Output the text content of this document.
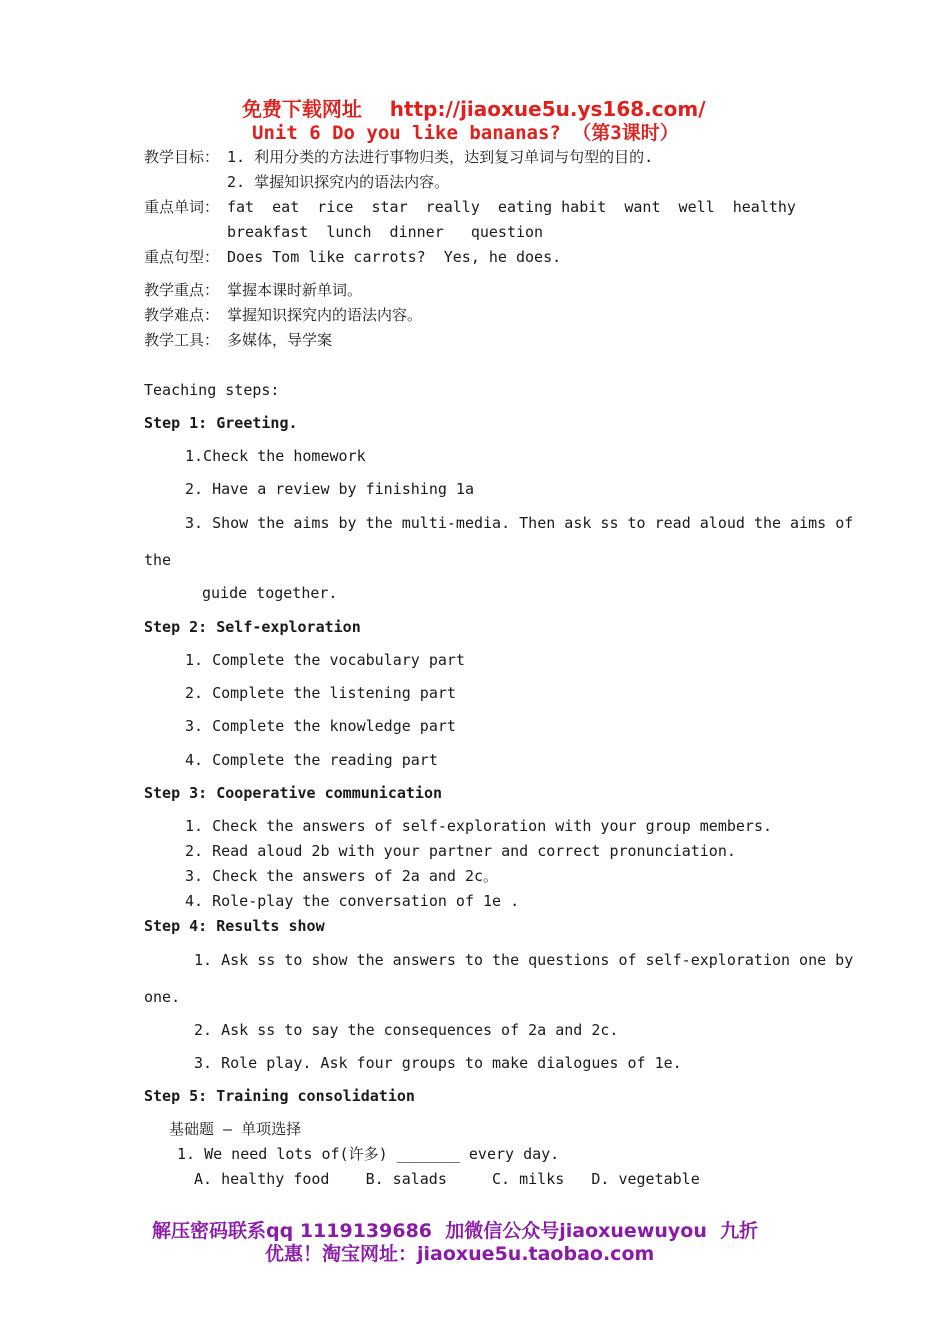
免费下载网址 http://jiaoxue5u.ys168.com/

Unit 6 Do you like bananas? （第3课时）
教学目标： 1. 利用分类的方法进行事物归类，达到复习单词与句型的目的.
2. 掌握知识探究内的语法内容。
重点单词： fat  eat  rice  star  really  eating habit  want  well  healthy
breakfast  lunch  dinner   question
重点句型： Does Tom like carrots?  Yes, he does.
教学重点： 掌握本课时新单词。
教学难点： 掌握知识探究内的语法内容。
教学工具： 多媒体，导学案
Teaching steps:
Step 1: Greeting.
1.Check the homework
2. Have a review by finishing 1a
3. Show the aims by the multi-media. Then ask ss to read aloud the aims of
the
guide together.
Step 2: Self-exploration
1. Complete the vocabulary part
2. Complete the listening part
3. Complete the knowledge part
4. Complete the reading part
Step 3: Cooperative communication
1. Check the answers of self-exploration with your group members.
2. Read aloud 2b with your partner and correct pronunciation.
3. Check the answers of 2a and 2c。
4. Role-play the conversation of 1e .
Step 4: Results show
1. Ask ss to show the answers to the questions of self-exploration one by
one.
2. Ask ss to say the consequences of 2a and 2c.
3. Role play. Ask four groups to make dialogues of 1e.
Step 5: Training consolidation
基础题 — 单项选择
1. We need lots of(许多) _______ every day.
A. healthy food    B. salads     C. milks   D. vegetable
解压密码联系qq 1119139686  加微信公众号jiaoxuewuyou  九折
优惠！淘宝网址：jiaoxue5u.taobao.com
